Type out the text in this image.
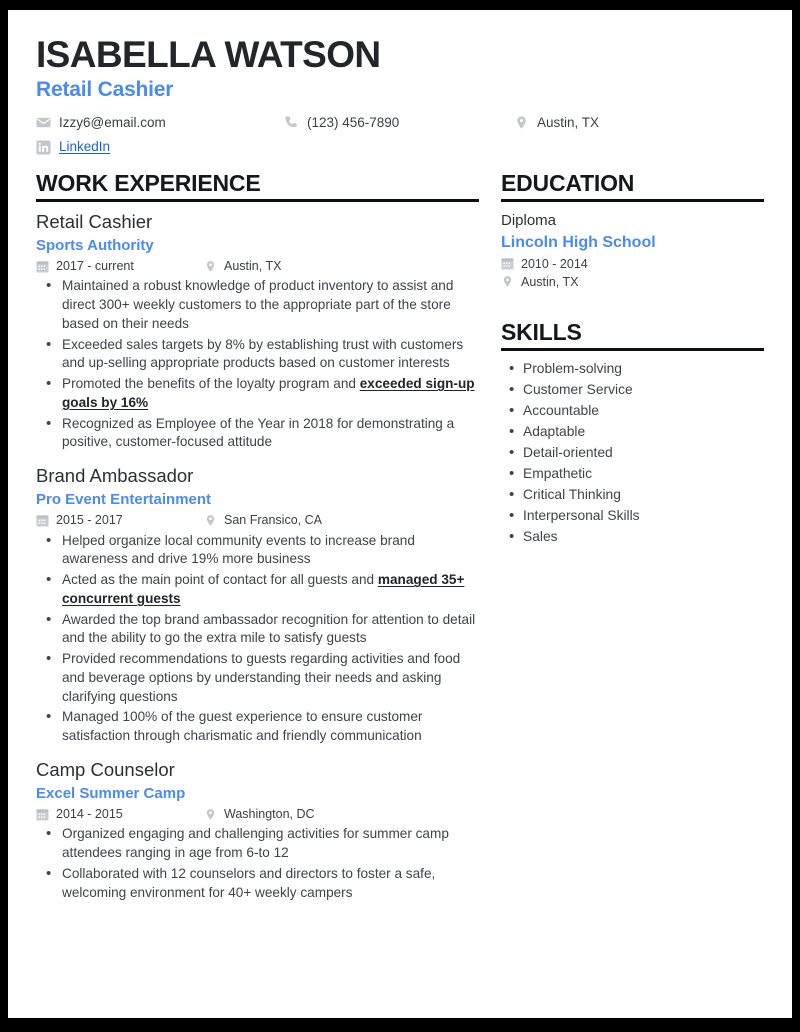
ISABELLA WATSON
Retail Cashier
Izzy6@email.com	(123) 456-7890	Austin, TX
LinkedIn
WORK EXPERIENCE
Retail Cashier
Sports Authority
2017 - current	Austin, TX
• Maintained a robust knowledge of product inventory to assist and direct 300+ weekly customers to the appropriate part of the store based on their needs
• Exceeded sales targets by 8% by establishing trust with customers and up-selling appropriate products based on customer interests
• Promoted the benefits of the loyalty program and exceeded sign-up goals by 16%
• Recognized as Employee of the Year in 2018 for demonstrating a positive, customer-focused attitude
Brand Ambassador
Pro Event Entertainment
2015 - 2017	San Fransico, CA
• Helped organize local community events to increase brand awareness and drive 19% more business
• Acted as the main point of contact for all guests and managed 35+ concurrent guests
• Awarded the top brand ambassador recognition for attention to detail and the ability to go the extra mile to satisfy guests
• Provided recommendations to guests regarding activities and food and beverage options by understanding their needs and asking clarifying questions
• Managed 100% of the guest experience to ensure customer satisfaction through charismatic and friendly communication
Camp Counselor
Excel Summer Camp
2014 - 2015	Washington, DC
• Organized engaging and challenging activities for summer camp attendees ranging in age from 6-to 12
• Collaborated with 12 counselors and directors to foster a safe, welcoming environment for 40+ weekly campers
EDUCATION
Diploma
Lincoln High School
2010 - 2014
Austin, TX
SKILLS
• Problem-solving
• Customer Service
• Accountable
• Adaptable
• Detail-oriented
• Empathetic
• Critical Thinking
• Interpersonal Skills
• Sales
